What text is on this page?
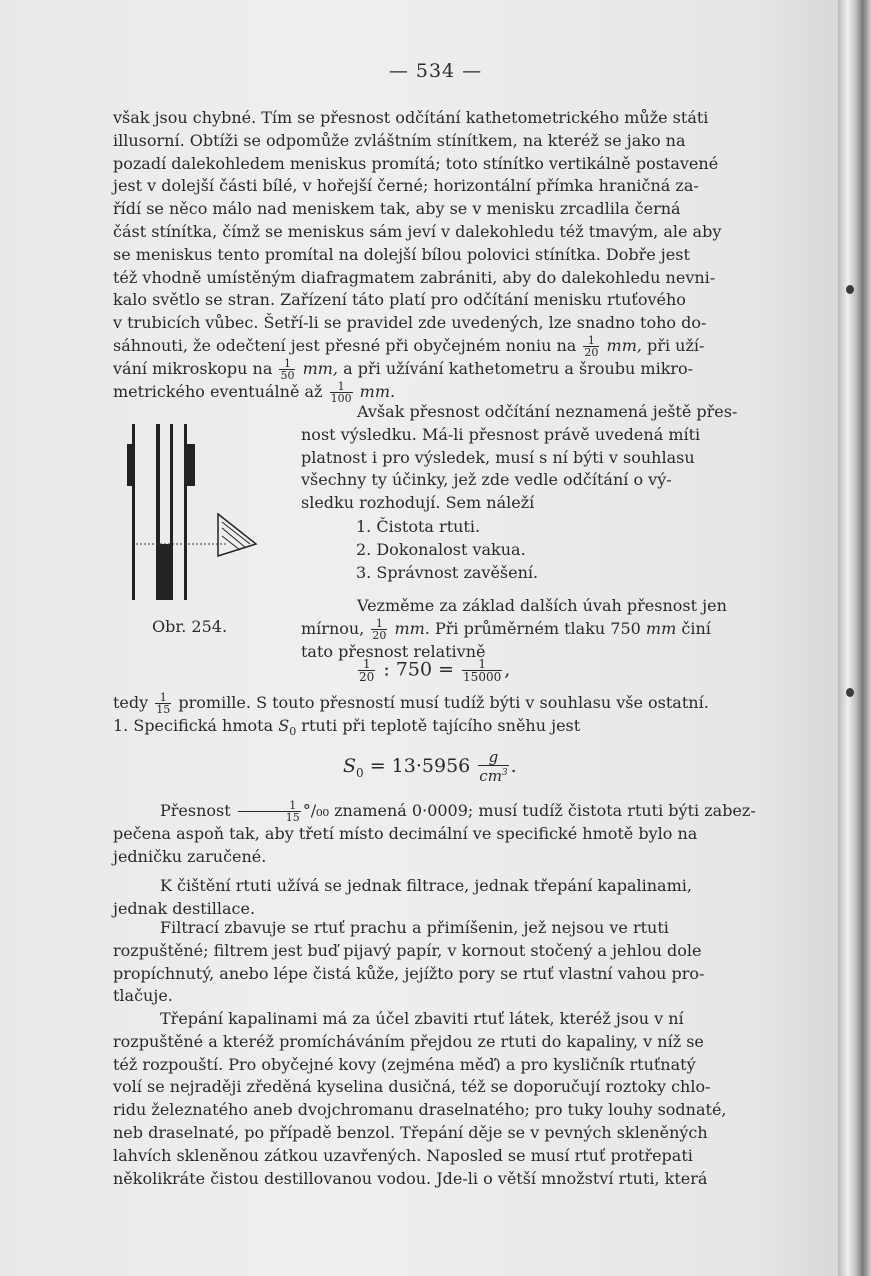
— 534 —
však jsou chybné. Tím se přesnost odčítání kathetometrického může státi
illusorní. Obtíži se odpomůže zvláštním stínítkem, na kteréž se jako na
pozadí dalekohledem meniskus promítá; toto stínítko vertikálně postavené
jest v dolejší části bílé, v hořejší černé; horizontální přímka hraničná za-
řídí se něco málo nad meniskem tak, aby se v menisku zrcadlila černá
část stínítka, čímž se meniskus sám jeví v dalekohledu též tmavým, ale aby
se meniskus tento promítal na dolejší bílou polovici stínítka. Dobře jest
též vhodně umístěným diafragmatem zabrániti, aby do dalekohledu nevni-
kalo světlo se stran. Zařízení táto platí pro odčítání menisku rtuťového
v trubicích vůbec. Šetří-li se pravidel zde uvedených, lze snadno toho do-
sáhnouti, že odečtení jest přesné při obyčejném noniu na $\frac{1}{20}$ mm, při uží-
vání mikroskopu na $\frac{1}{50}$ mm, a při užívání kathetometru a šroubu mikro-
metrického eventuálně až $\frac{1}{100}$ mm.
Obr. 254.
Avšak přesnost odčítání neznamená ještě přes-
nost výsledku. Má-li přesnost právě uvedená míti
platnost i pro výsledek, musí s ní býti v souhlasu
všechny ty účinky, jež zde vedle odčítání o vý-
sledku rozhodují. Sem náleží
1. Čistota rtuti.
2. Dokonalost vakua.
3. Správnost zavěšení.
Vezměme za základ dalších úvah přesnost jen
mírnou, $\frac{1}{20}$ mm. Při průměrném tlaku 750 mm činí
tato přesnost relativně
$\frac{1}{20}$ : $750 = \frac{1}{15000}$ ,
tedy $\frac{1}{15}$ promille. S touto přesností musí tudíž býti v souhlasu vše ostatní.
1. Specifická hmota $S_0$ rtuti při teplotě tajícího sněhu jest
$S_0 = 13\cdot 5956 \frac{g}{cm^3}$ .
Přesnost $\frac{1}{15} ^\circ/_{00}$ znamená 0·0009; musí tudíž čistota rtuti býti zabez-
pečena aspoň tak, aby třetí místo decimální ve specifické hmotě bylo na
jedničku zaručené.
K čištění rtuti užívá se jednak filtrace, jednak třepání kapalinami,
jednak destillace.
Filtrací zbavuje se rtuť prachu a přimíšenin, jež nejsou ve rtuti
rozpuštěné; filtrem jest buď pijavý papír, v kornout stočený a jehlou dole
propíchnutý, anebo lépe čistá kůže, jejížto pory se rtuť vlastní vahou pro-
tlačuje.
Třepání kapalinami má za účel zbaviti rtuť látek, kteréž jsou v ní
rozpuštěné a kteréž promícháváním přejdou ze rtuti do kapaliny, v níž se
též rozpouští. Pro obyčejné kovy (zejména měď) a pro kysličník rtuťnatý
volí se nejraději zředěná kyselina dusičná, též se doporučují roztoky chlo-
ridu železnatého aneb dvojchromanu draselnatého; pro tuky louhy sodnaté,
neb draselnaté, po případě benzol. Třepání děje se v pevných skleněných
lahvích skleněnou zátkou uzavřených. Naposled se musí rtuť protřepati
několikráte čistou destillovanou vodou. Jde-li o větší množství rtuti, která
